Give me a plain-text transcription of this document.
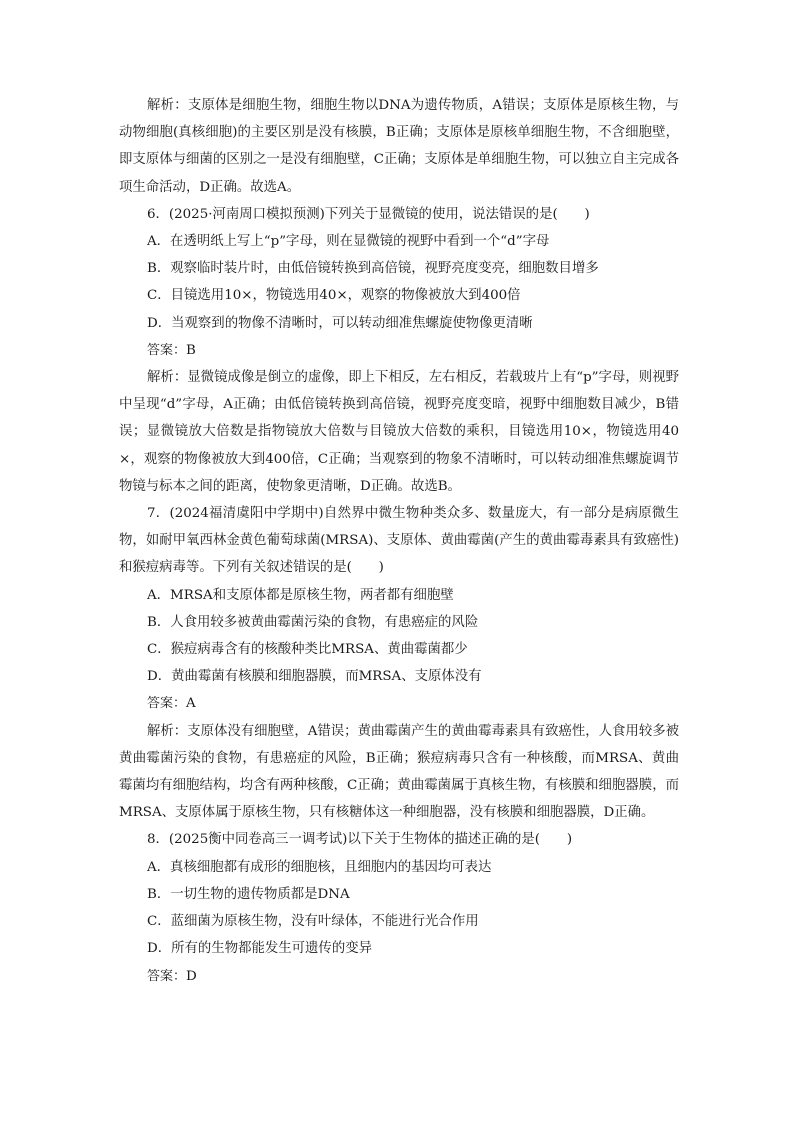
解析：支原体是细胞生物，细胞生物以DNA为遗传物质，A错误；支原体是原核生物，与动物细胞(真核细胞)的主要区别是没有核膜，B正确；支原体是原核单细胞生物，不含细胞壁，即支原体与细菌的区别之一是没有细胞壁，C正确；支原体是单细胞生物，可以独立自主完成各项生命活动，D正确。故选A。

6．(2025·河南周口模拟预测)下列关于显微镜的使用，说法错误的是(　　)

A．在透明纸上写上“p”字母，则在显微镜的视野中看到一个“d”字母

B．观察临时装片时，由低倍镜转换到高倍镜，视野亮度变亮，细胞数目增多

C．目镜选用10×，物镜选用40×，观察的物像被放大到400倍

D．当观察到的物像不清晰时，可以转动细准焦螺旋使物像更清晰

答案：B

解析：显微镜成像是倒立的虚像，即上下相反，左右相反，若载玻片上有“p”字母，则视野中呈现“d”字母，A正确；由低倍镜转换到高倍镜，视野亮度变暗，视野中细胞数目减少，B错误；显微镜放大倍数是指物镜放大倍数与目镜放大倍数的乘积，目镜选用10×，物镜选用40×，观察的物像被放大到400倍，C正确；当观察到的物象不清晰时，可以转动细准焦螺旋调节物镜与标本之间的距离，使物象更清晰，D正确。故选B。

7．(2024福清虞阳中学期中)自然界中微生物种类众多、数量庞大，有一部分是病原微生物，如耐甲氧西林金黄色葡萄球菌(MRSA)、支原体、黄曲霉菌(产生的黄曲霉毒素具有致癌性)和猴痘病毒等。下列有关叙述错误的是(　　)

A．MRSA和支原体都是原核生物，两者都有细胞壁

B．人食用较多被黄曲霉菌污染的食物，有患癌症的风险

C．猴痘病毒含有的核酸种类比MRSA、黄曲霉菌都少

D．黄曲霉菌有核膜和细胞器膜，而MRSA、支原体没有

答案：A

解析：支原体没有细胞壁，A错误；黄曲霉菌产生的黄曲霉毒素具有致癌性，人食用较多被黄曲霉菌污染的食物，有患癌症的风险，B正确；猴痘病毒只含有一种核酸，而MRSA、黄曲霉菌均有细胞结构，均含有两种核酸，C正确；黄曲霉菌属于真核生物，有核膜和细胞器膜，而MRSA、支原体属于原核生物，只有核糖体这一种细胞器，没有核膜和细胞器膜，D正确。

8．(2025衡中同卷高三一调考试)以下关于生物体的描述正确的是(　　)

A．真核细胞都有成形的细胞核，且细胞内的基因均可表达

B．一切生物的遗传物质都是DNA

C．蓝细菌为原核生物，没有叶绿体，不能进行光合作用

D．所有的生物都能发生可遗传的变异

答案：D
